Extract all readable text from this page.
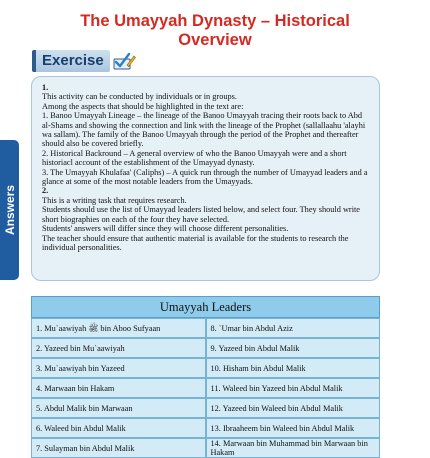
The Umayyah Dynasty – Historical
Overview
Exercise
Answers

1.

This activity can be conducted by individuals or in groups.

Among the aspects that should be highlighted in the text are:

1. Banoo Umayyah Lineage – the lineage of the Banoo Umayyah tracing their roots back to Abd al-Shams and showing the connection and link with the lineage of the Prophet (sallallaahu 'alayhi wa sallam). The family of the Banoo Umayyah through the period of the Prophet and thereafter should also be covered briefly.

2. Historical Backround – A general overview of who the Banoo Umayyah were and a short historiacl account of the establishment of the Umayyad dynasty.

3. The Umayyah Khulafaa' (Caliphs) – A quick run through the number of Umayyad leaders and a glance at some of the most notable leaders from the Umayyads.

2.

This is a writing task that requires research.

Students should use the list of Umayyad leaders listed below, and select four. They should write short biographies on each of the four they have selected.

Students' answers will differ since they will choose different personalities.

The teacher should ensure that authentic material is available for the students to research the individual personalities.

Umayyah Leaders
1. Mu`aawiyah ﷺ bin Aboo Sufyaan	8. `Umar bin Abdul Aziz
2. Yazeed bin Mu`aawiyah	9. Yazeed bin Abdul Malik
3. Mu`aawiyah bin Yazeed	10. Hisham bin Abdul Malik
4. Marwaan bin Hakam	11. Waleed bin Yazeed bin Abdul Malik
5. Abdul Malik bin Marwaan	12. Yazeed bin Waleed bin Abdul Malik
6. Waleed bin Abdul Malik	13. Ibraaheem bin Waleed bin Abdul Malik
7. Sulayman bin Abdul Malik	14. Marwaan bin Muhammad bin Marwaan bin Hakam
